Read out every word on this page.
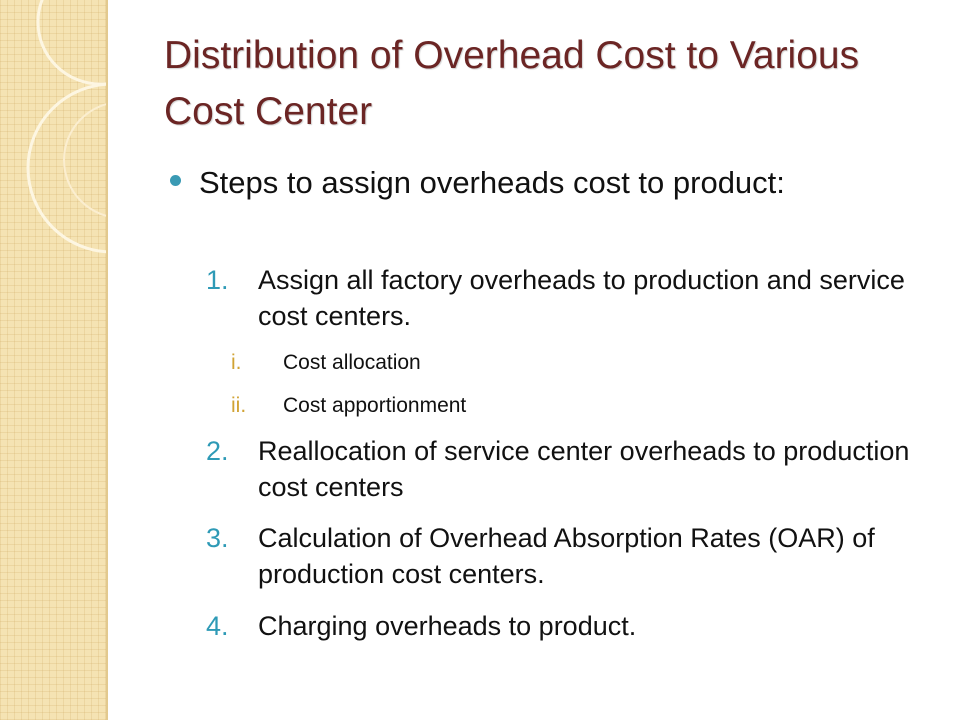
Distribution of Overhead Cost to Various Cost Center
Steps to assign overheads cost to product:
1. Assign all factory overheads to production and service cost centers.
i. Cost allocation
ii. Cost apportionment
2. Reallocation of service center overheads to production cost centers
3. Calculation of Overhead Absorption Rates (OAR) of production cost centers.
4. Charging overheads to product.
